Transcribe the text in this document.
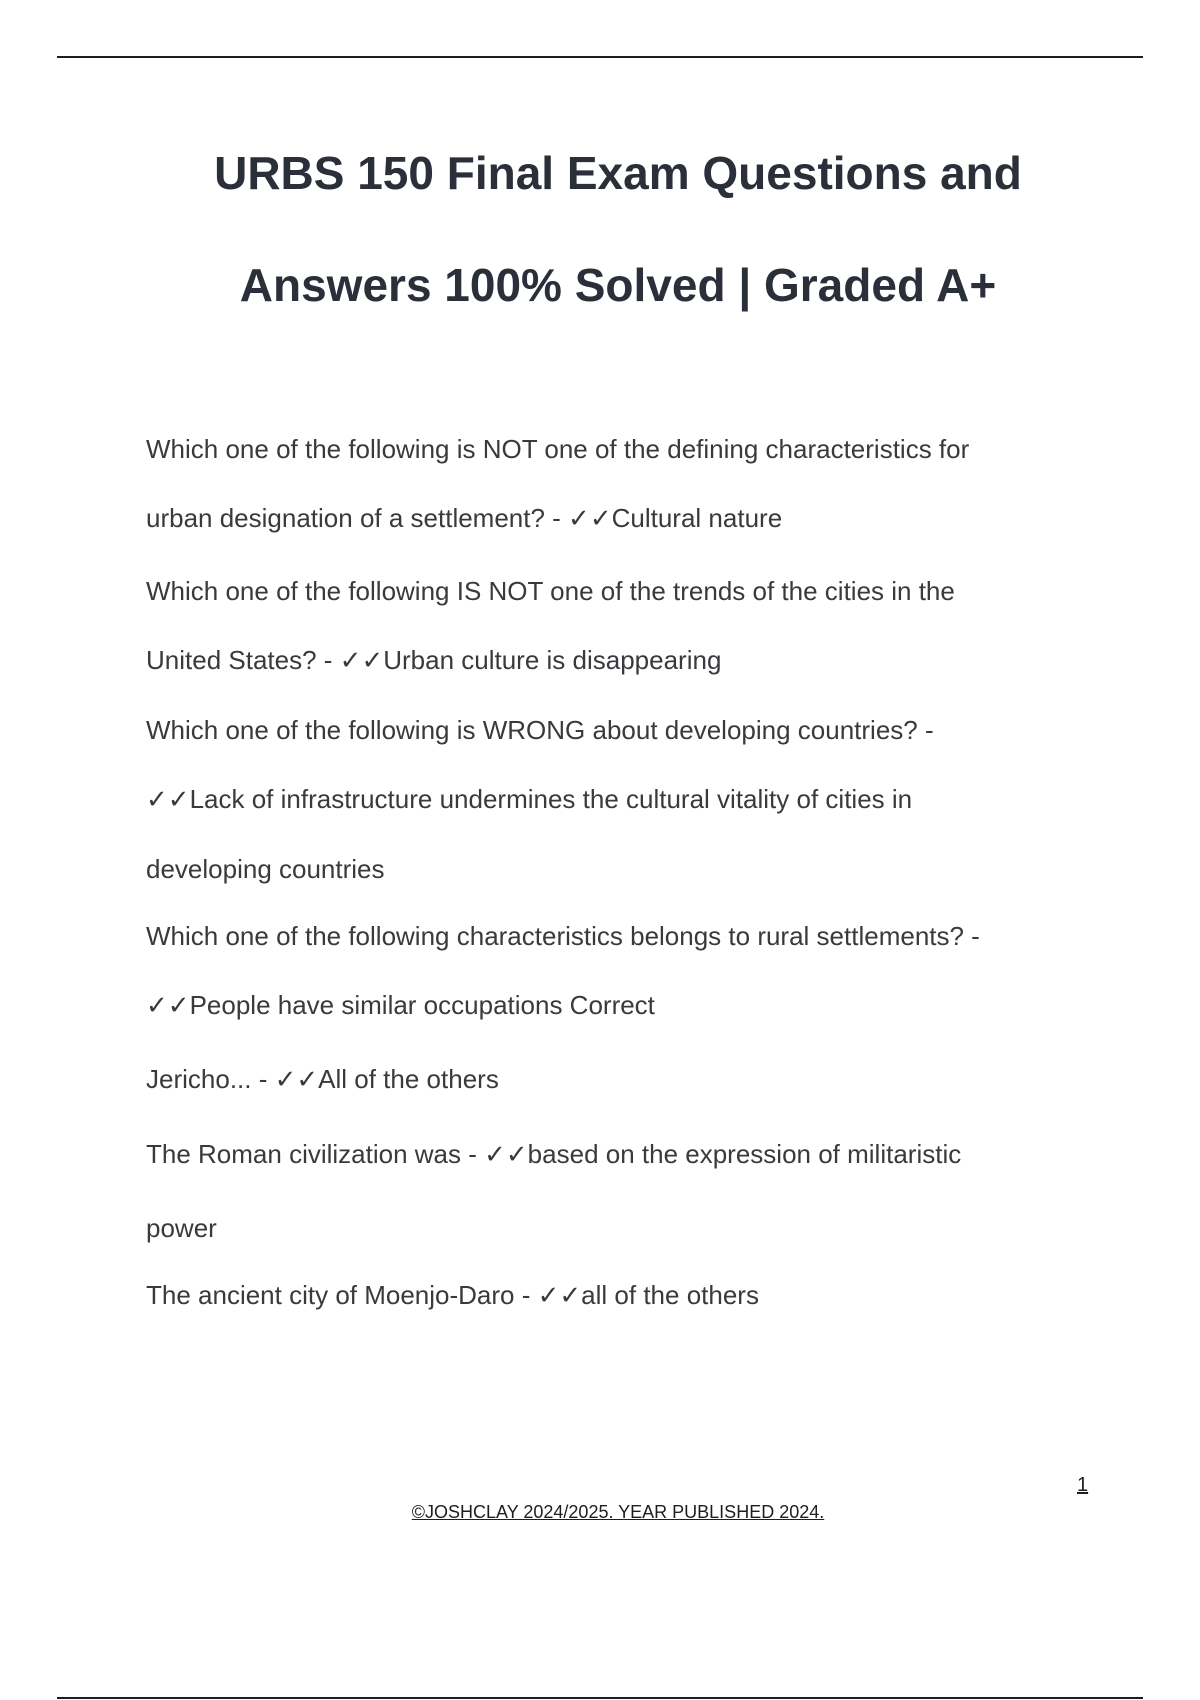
URBS 150 Final Exam Questions and
Answers 100% Solved | Graded A+
Which one of the following is NOT one of the defining characteristics for
urban designation of a settlement? - ✓✓Cultural nature
Which one of the following IS NOT one of the trends of the cities in the
United States? - ✓✓Urban culture is disappearing
Which one of the following is WRONG about developing countries? -
✓✓Lack of infrastructure undermines the cultural vitality of cities in
developing countries
Which one of the following characteristics belongs to rural settlements? -
✓✓People have similar occupations Correct
Jericho... - ✓✓All of the others
The Roman civilization was - ✓✓based on the expression of militaristic
power
The ancient city of Moenjo-Daro - ✓✓all of the others
1
©JOSHCLAY 2024/2025. YEAR PUBLISHED 2024.
